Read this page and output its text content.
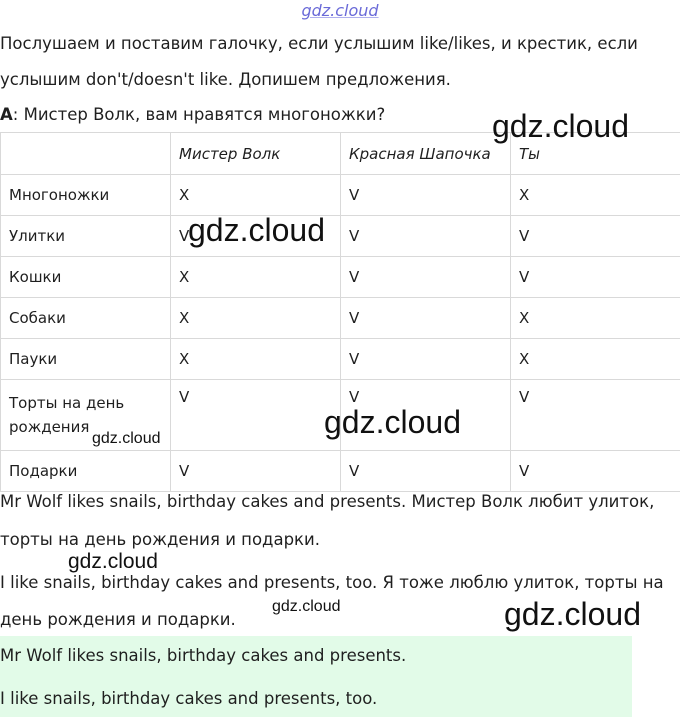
gdz.cloud

Послушаем и поставим галочку, если услышим like/likes, и крестик, если

услышим don't/doesn't like. Допишем предложения.

A: Мистер Волк, вам нравятся многоножки?
	Мистер Волк	Красная Шапочка	Ты
Многоножки	X	V	X
Улитки	V	V	V
Кошки	X	V	V
Собаки	X	V	X
Пауки	X	V	X
Торты на день рождения	V	V	V
Подарки	V	V	V

Mr Wolf likes snails, birthday cakes and presents. Мистер Волк любит улиток,

торты на день рождения и подарки.

I like snails, birthday cakes and presents, too. Я тоже люблю улиток, торты на

день рождения и подарки.

Mr Wolf likes snails, birthday cakes and presents.

I like snails, birthday cakes and presents, too.

gdz.cloud
gdz.cloud
gdz.cloud
gdz.cloud
gdz.cloud
gdz.cloud	gdz.cloud
